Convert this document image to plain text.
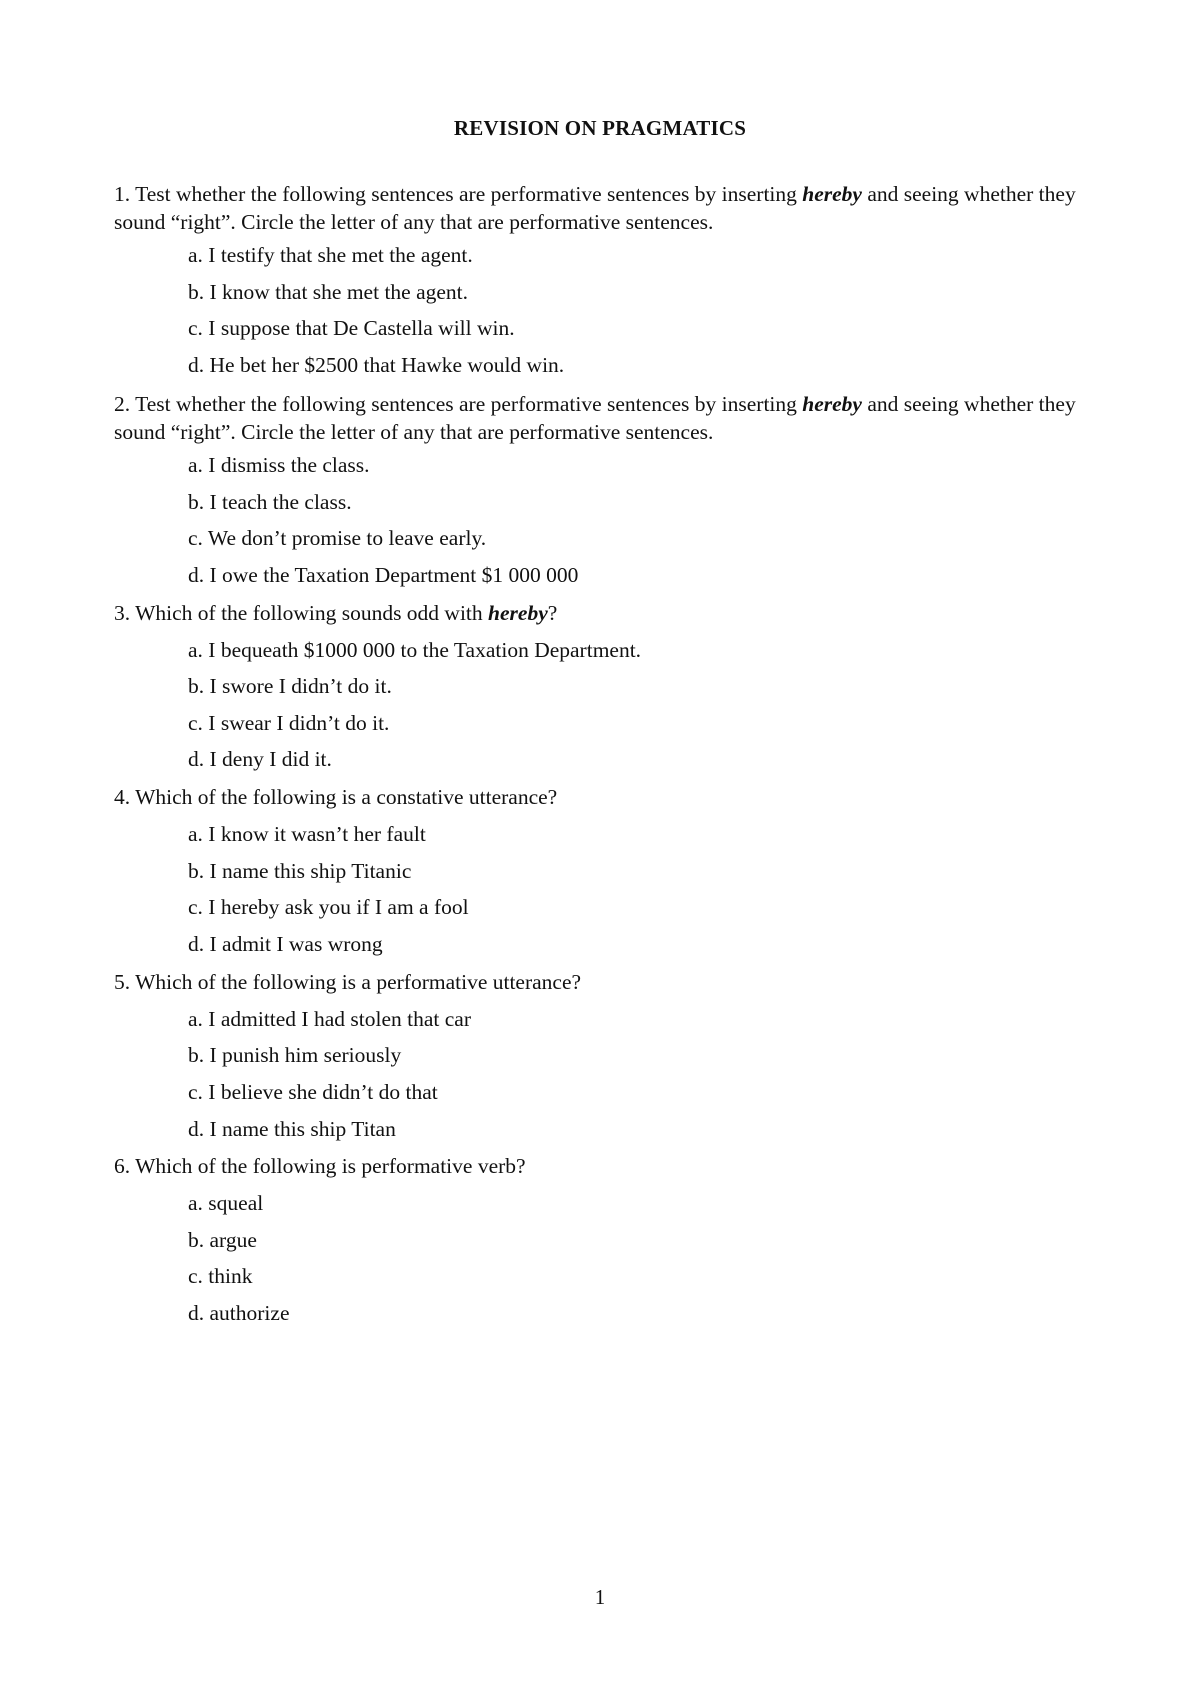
REVISION ON PRAGMATICS
1. Test whether the following sentences are performative sentences by inserting hereby and seeing whether they sound “right”. Circle the letter of any that are performative sentences.
a. I testify that she met the agent.
b. I know that she met the agent.
c. I suppose that De Castella will win.
d. He bet her $2500 that Hawke would win.
2. Test whether the following sentences are performative sentences by inserting hereby and seeing whether they sound “right”. Circle the letter of any that are performative sentences.
a. I dismiss the class.
b. I teach the class.
c. We don’t promise to leave early.
d. I owe the Taxation Department $1 000 000
3. Which of the following sounds odd with hereby?
a. I bequeath $1000 000 to the Taxation Department.
b. I swore I didn’t do it.
c. I swear I didn’t do it.
d. I deny I did it.
4. Which of the following is a constative utterance?
a. I know it wasn’t her fault
b. I name this ship Titanic
c. I hereby ask you if I am a fool
d. I admit I was wrong
5. Which of the following is a performative utterance?
a. I admitted I had stolen that car
b. I punish him seriously
c. I believe she didn’t do that
d. I name this ship Titan
6. Which of the following is performative verb?
a. squeal
b. argue
c. think
d. authorize
1
